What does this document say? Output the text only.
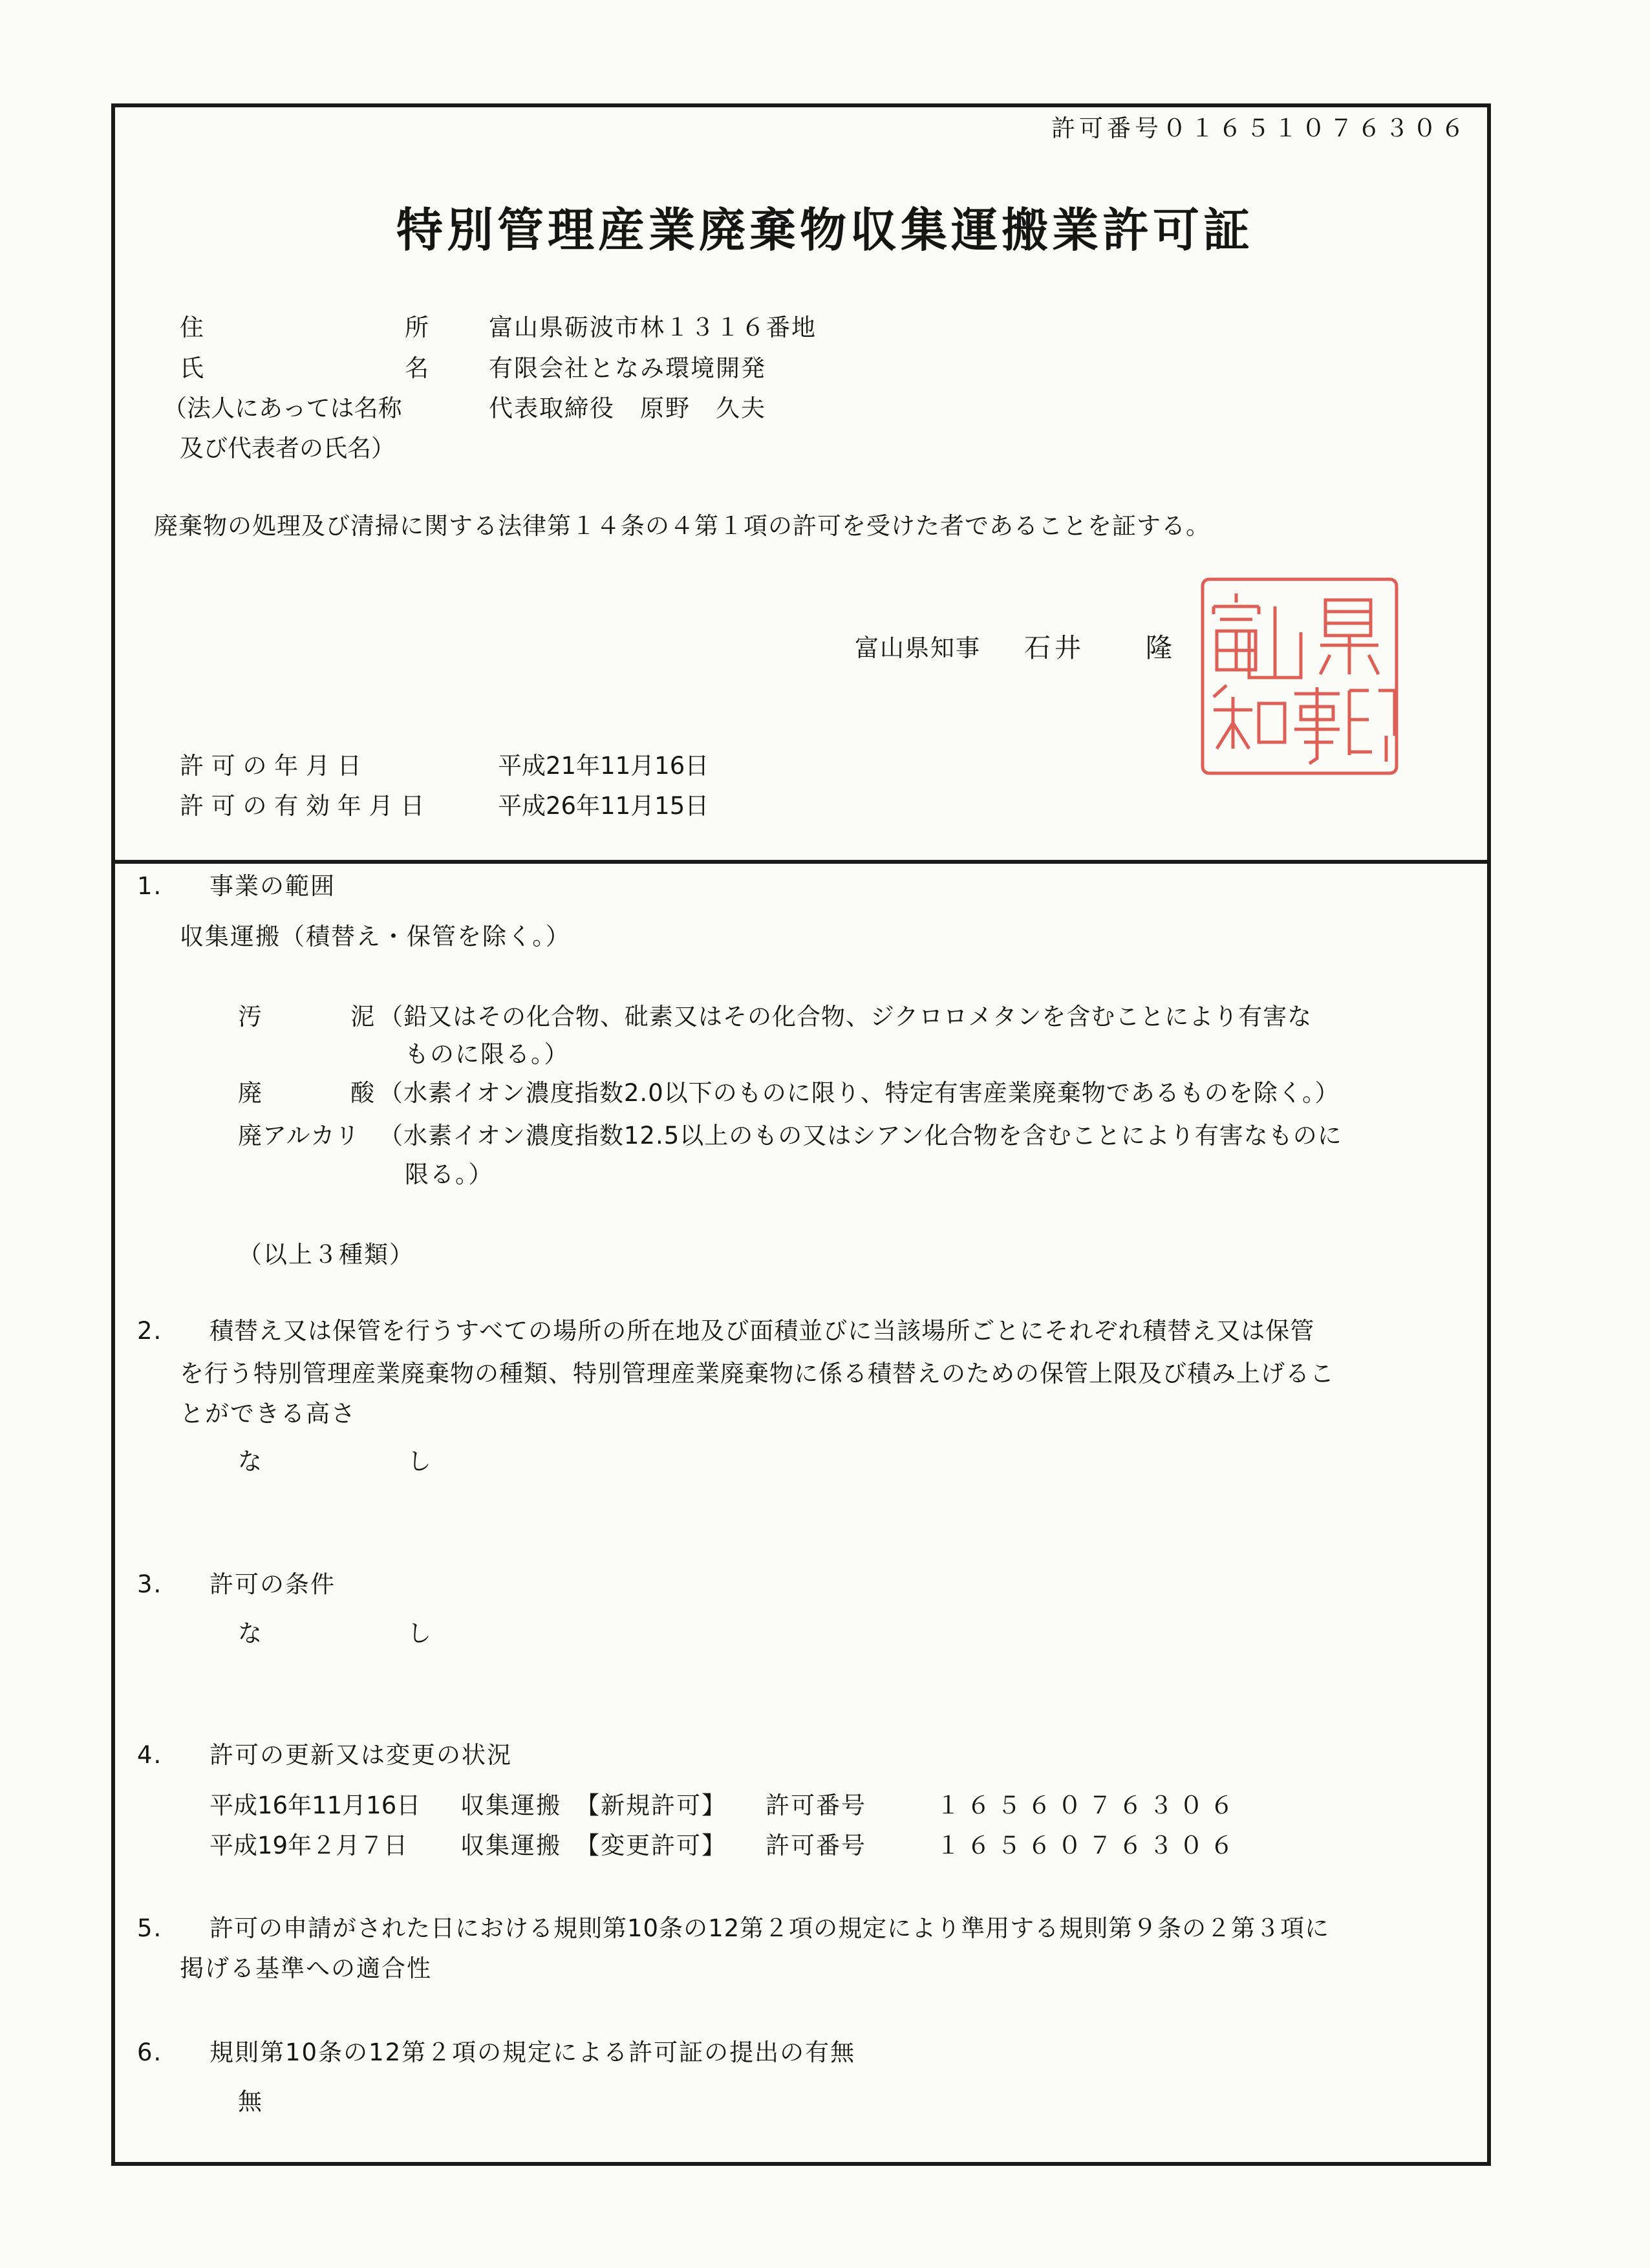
許可番号０１６５１０７６３０６
特別管理産業廃棄物収集運搬業許可証
住	所 富山県砺波市林１３１６番地
氏	名 有限会社となみ環境開発
（法人にあっては名称	代表取締役　原野　久夫
及び代表者の氏名）
廃棄物の処理及び清掃に関する法律第１４条の４第１項の許可を受けた者であることを証する。
富山県知事 石井　　隆
許 可 の 年 月 日	平成21年11月16日
許 可 の 有 効 年 月 日	平成26年11月15日
1. 事業の範囲
収集運搬（積替え・保管を除く。）
汚	泥 （鉛又はその化合物、砒素又はその化合物、ジクロロメタンを含むことにより有害な
ものに限る。）
廃	酸 （水素イオン濃度指数2.0以下のものに限り、特定有害産業廃棄物であるものを除く。）
廃アルカリ （水素イオン濃度指数12.5以上のもの又はシアン化合物を含むことにより有害なものに
限る。）
（以上３種類）
2. 積替え又は保管を行うすべての場所の所在地及び面積並びに当該場所ごとにそれぞれ積替え又は保管
を行う特別管理産業廃棄物の種類、特別管理産業廃棄物に係る積替えのための保管上限及び積み上げるこ
とができる高さ
な	し
3. 許可の条件
な	し
4. 許可の更新又は変更の状況
平成16年11月16日 収集運搬 【新規許可】 許可番号	１６５６０７６３０６
平成19年２月７日 収集運搬 【変更許可】 許可番号	１６５６０７６３０６
5. 許可の申請がされた日における規則第10条の12第２項の規定により準用する規則第９条の２第３項に
掲げる基準への適合性
6. 規則第10条の12第２項の規定による許可証の提出の有無
無
